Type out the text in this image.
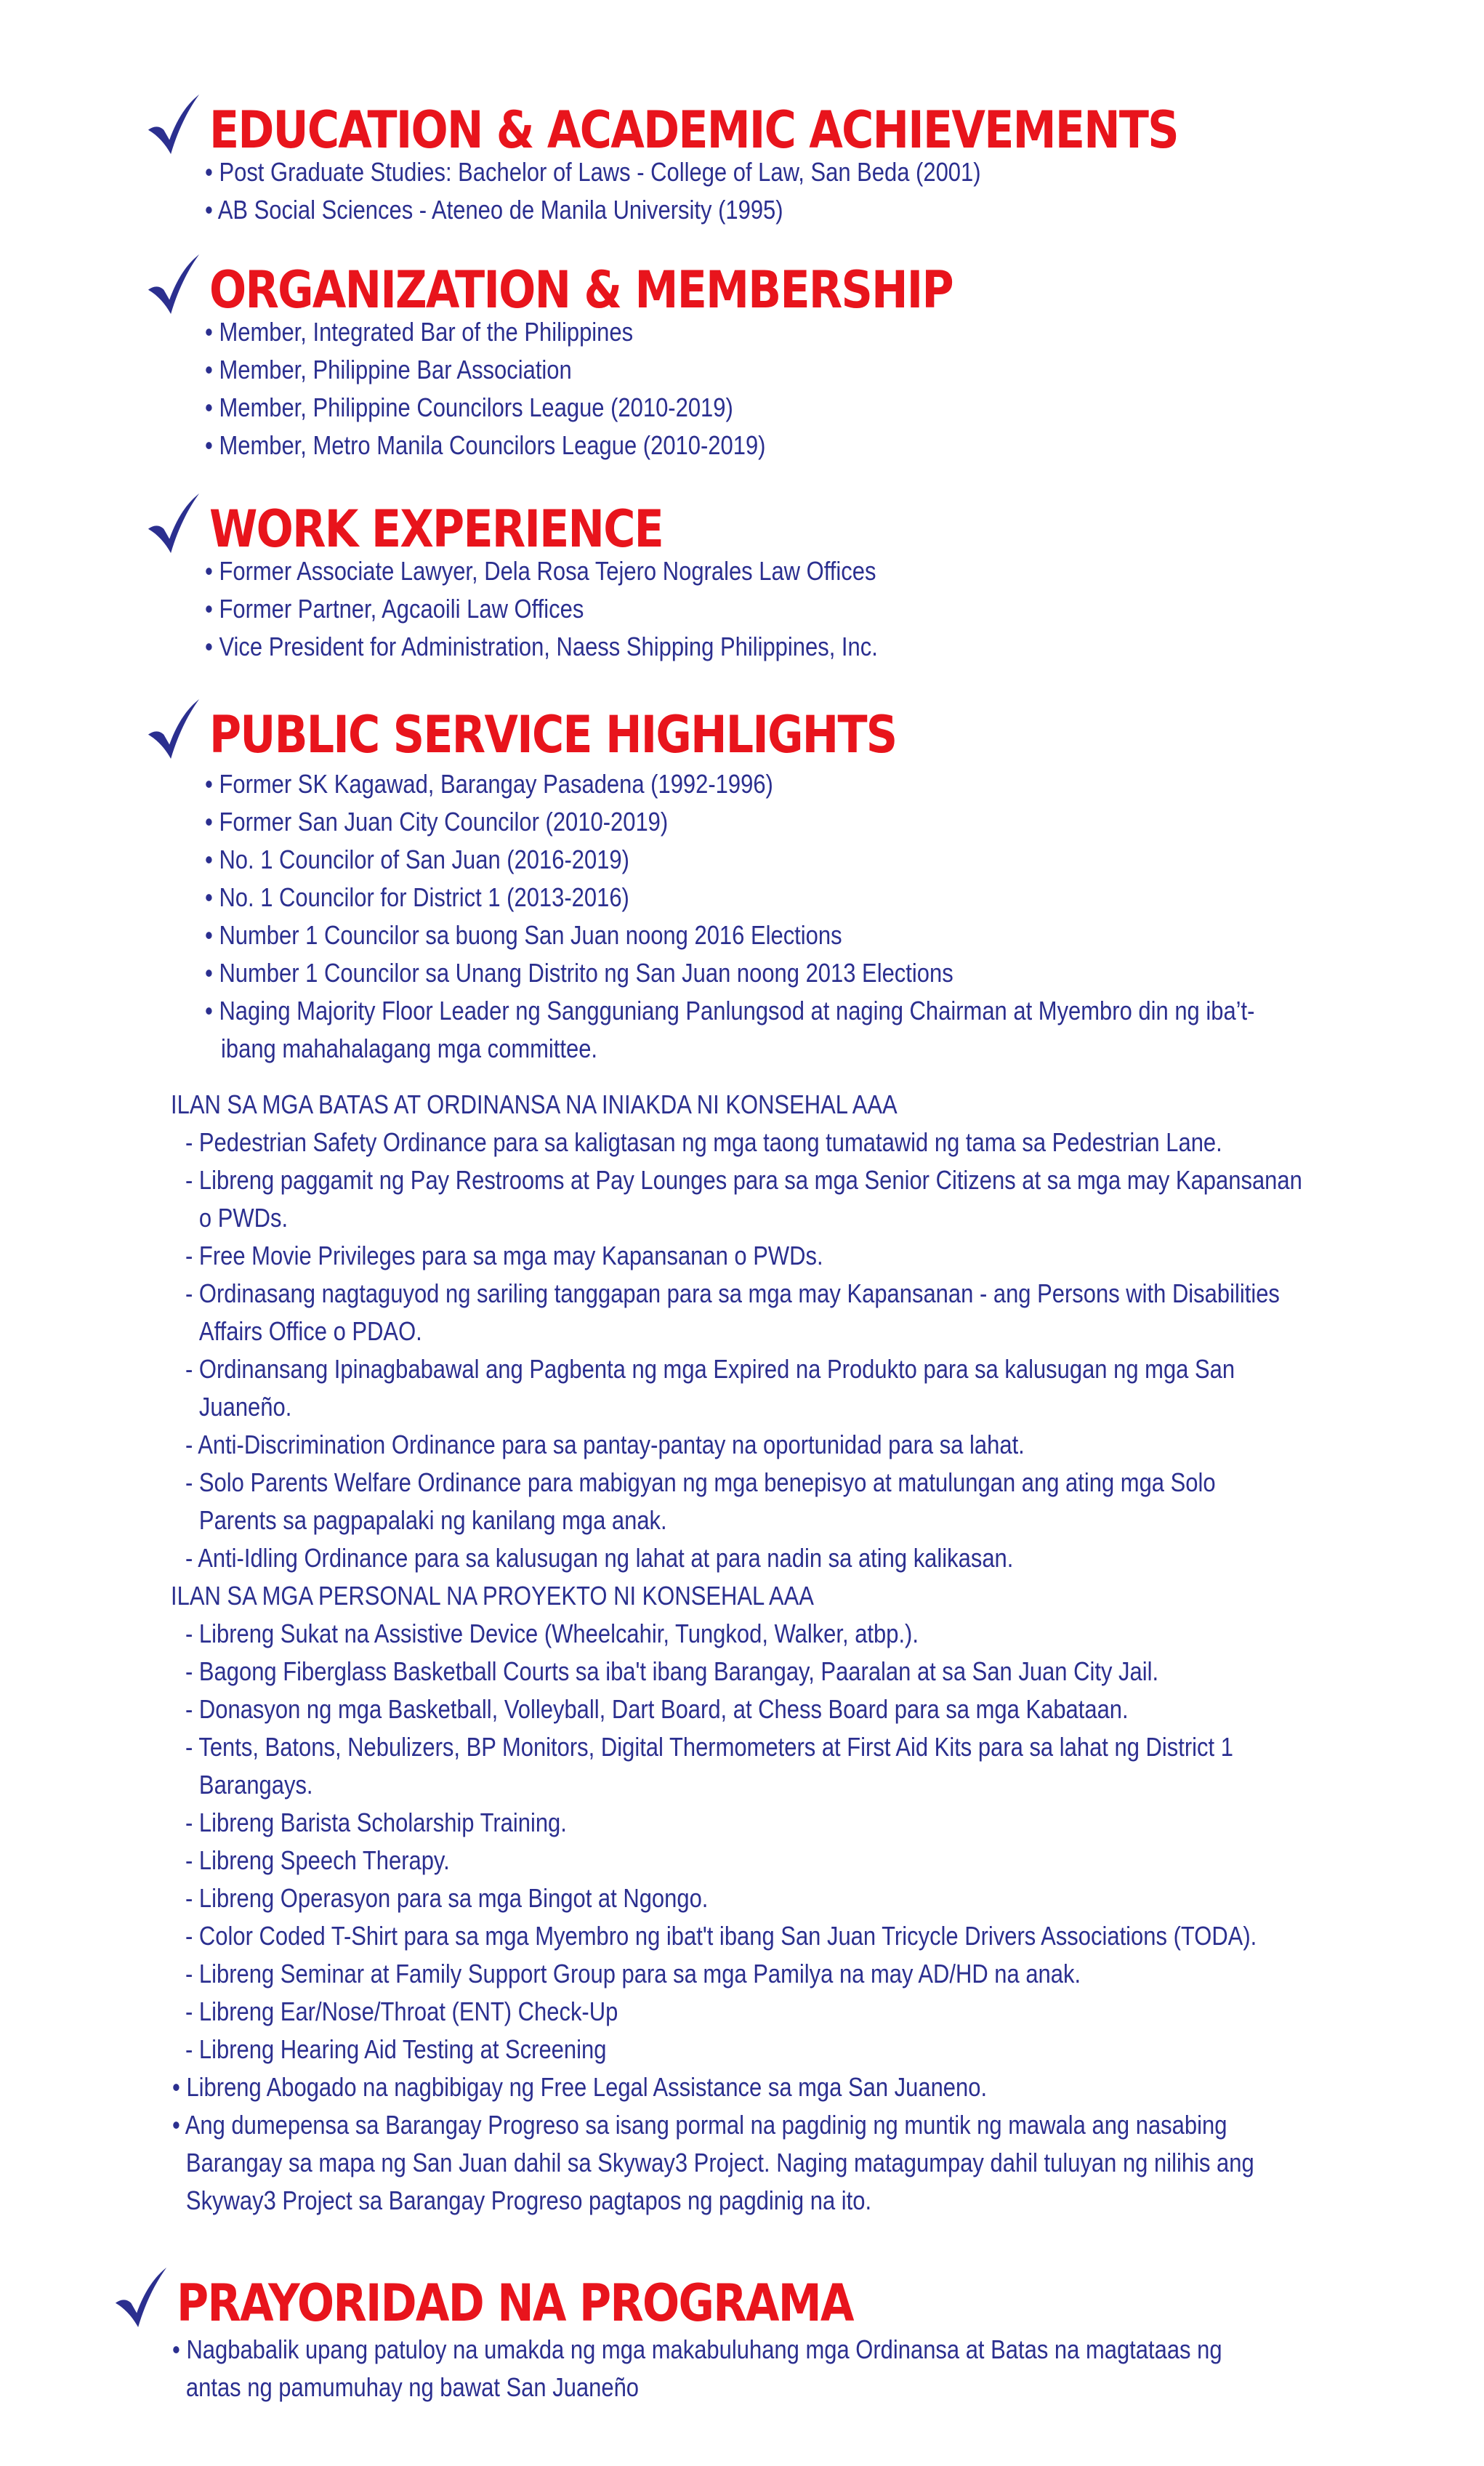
EDUCATION & ACADEMIC ACHIEVEMENTS
• Post Graduate Studies: Bachelor of Laws - College of Law, San Beda (2001)
• AB Social Sciences - Ateneo de Manila University (1995)
ORGANIZATION & MEMBERSHIP
• Member, Integrated Bar of the Philippines
• Member, Philippine Bar Association
• Member, Philippine Councilors League (2010-2019)
• Member, Metro Manila Councilors League (2010-2019)
WORK EXPERIENCE
• Former Associate Lawyer, Dela Rosa Tejero Nograles Law Offices
• Former Partner, Agcaoili Law Offices
• Vice President for Administration, Naess Shipping Philippines, Inc.
PUBLIC SERVICE HIGHLIGHTS
• Former SK Kagawad, Barangay Pasadena (1992-1996)
• Former San Juan City Councilor (2010-2019)
• No. 1 Councilor of San Juan (2016-2019)
• No. 1 Councilor for District 1 (2013-2016)
• Number 1 Councilor sa buong San Juan noong 2016 Elections
• Number 1 Councilor sa Unang Distrito ng San Juan noong 2013 Elections
• Naging Majority Floor Leader ng Sangguniang Panlungsod at naging Chairman at Myembro din ng iba’t-
ibang mahahalagang mga committee.
ILAN SA MGA BATAS AT ORDINANSA NA INIAKDA NI KONSEHAL AAA
- Pedestrian Safety Ordinance para sa kaligtasan ng mga taong tumatawid ng tama sa Pedestrian Lane.
- Libreng paggamit ng Pay Restrooms at Pay Lounges para sa mga Senior Citizens at sa mga may Kapansanan
o PWDs.
- Free Movie Privileges para sa mga may Kapansanan o PWDs.
- Ordinasang nagtaguyod ng sariling tanggapan para sa mga may Kapansanan - ang Persons with Disabilities
Affairs Office o PDAO.
- Ordinansang Ipinagbabawal ang Pagbenta ng mga Expired na Produkto para sa kalusugan ng mga San
Juaneño.
- Anti-Discrimination Ordinance para sa pantay-pantay na oportunidad para sa lahat.
- Solo Parents Welfare Ordinance para mabigyan ng mga benepisyo at matulungan ang ating mga Solo
Parents sa pagpapalaki ng kanilang mga anak.
- Anti-Idling Ordinance para sa kalusugan ng lahat at para nadin sa ating kalikasan.
ILAN SA MGA PERSONAL NA PROYEKTO NI KONSEHAL AAA
- Libreng Sukat na Assistive Device (Wheelcahir, Tungkod, Walker, atbp.).
- Bagong Fiberglass Basketball Courts sa iba't ibang Barangay, Paaralan at sa San Juan City Jail.
- Donasyon ng mga Basketball, Volleyball, Dart Board, at Chess Board para sa mga Kabataan.
- Tents, Batons, Nebulizers, BP Monitors, Digital Thermometers at First Aid Kits para sa lahat ng District 1
Barangays.
- Libreng Barista Scholarship Training.
- Libreng Speech Therapy.
- Libreng Operasyon para sa mga Bingot at Ngongo.
- Color Coded T-Shirt para sa mga Myembro ng ibat't ibang San Juan Tricycle Drivers Associations (TODA).
- Libreng Seminar at Family Support Group para sa mga Pamilya na may AD/HD na anak.
- Libreng Ear/Nose/Throat (ENT) Check-Up
- Libreng Hearing Aid Testing at Screening
• Libreng Abogado na nagbibigay ng Free Legal Assistance sa mga San Juaneno.
• Ang dumepensa sa Barangay Progreso sa isang pormal na pagdinig ng muntik ng mawala ang nasabing
Barangay sa mapa ng San Juan dahil sa Skyway3 Project. Naging matagumpay dahil tuluyan ng nilihis ang
Skyway3 Project sa Barangay Progreso pagtapos ng pagdinig na ito.
PRAYORIDAD NA PROGRAMA
• Nagbabalik upang patuloy na umakda ng mga makabuluhang mga Ordinansa at Batas na magtataas ng
antas ng pamumuhay ng bawat San Juaneño
